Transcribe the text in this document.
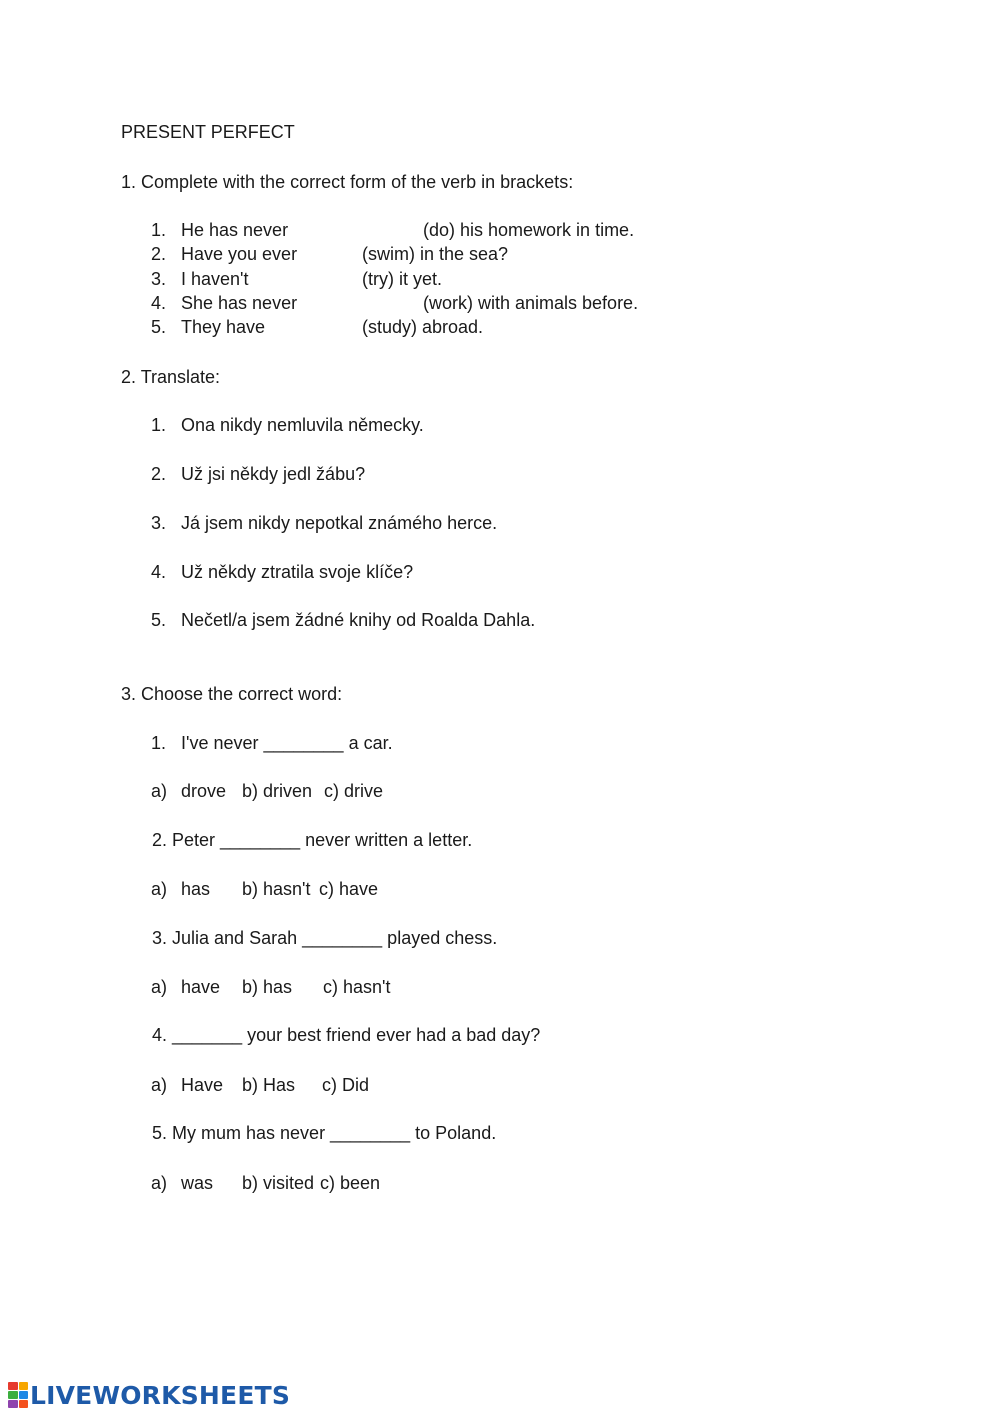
PRESENT PERFECT
1. Complete with the correct form of the verb in brackets:
1. He has never	(do) his homework in time.
2. Have you ever	(swim) in the sea?
3. I haven't	(try) it yet.
4. She has never	(work) with animals before.
5. They have	(study) abroad.
2. Translate:
1. Ona nikdy nemluvila německy.
2. Už jsi někdy jedl žábu?
3. Já jsem nikdy nepotkal známého herce.
4. Už někdy ztratila svoje klíče?
5. Nečetl/a jsem žádné knihy od Roalda Dahla.
3. Choose the correct word:
1. I've never ________ a car.
a) drove b) driven c) drive
2. Peter ________ never written a letter.
a) has b) hasn't c) have
3. Julia and Sarah ________ played chess.
a) have b) has c) hasn't
4. _______ your best friend ever had a bad day?
a) Have b) Has c) Did
5. My mum has never ________ to Poland.
a) was b) visited c) been
LIVEWORKSHEETS
